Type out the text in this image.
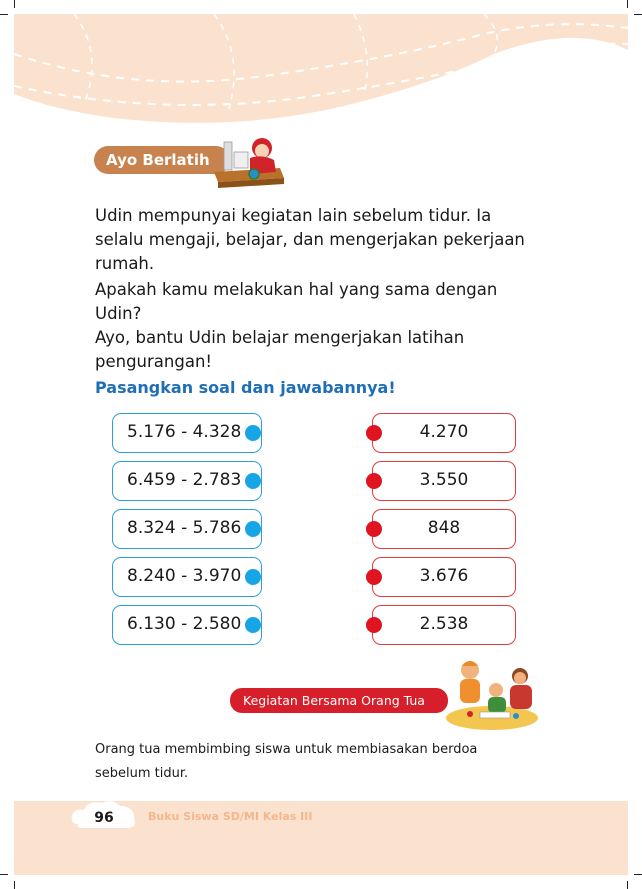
Ayo Berlatih
Udin mempunyai kegiatan lain sebelum tidur. Ia
selalu mengaji, belajar, dan mengerjakan pekerjaan
rumah.
Apakah kamu melakukan hal yang sama dengan
Udin?
Ayo, bantu Udin belajar mengerjakan latihan
pengurangan!
Pasangkan soal dan jawabannya!
5.176 - 4.328
6.459 - 2.783
8.324 - 5.786
8.240 - 3.970
6.130 - 2.580
4.270
3.550
848
3.676
2.538
Kegiatan Bersama Orang Tua
Orang tua membimbing siswa untuk membiasakan berdoa
sebelum tidur.
96	Buku Siswa SD/MI Kelas III
